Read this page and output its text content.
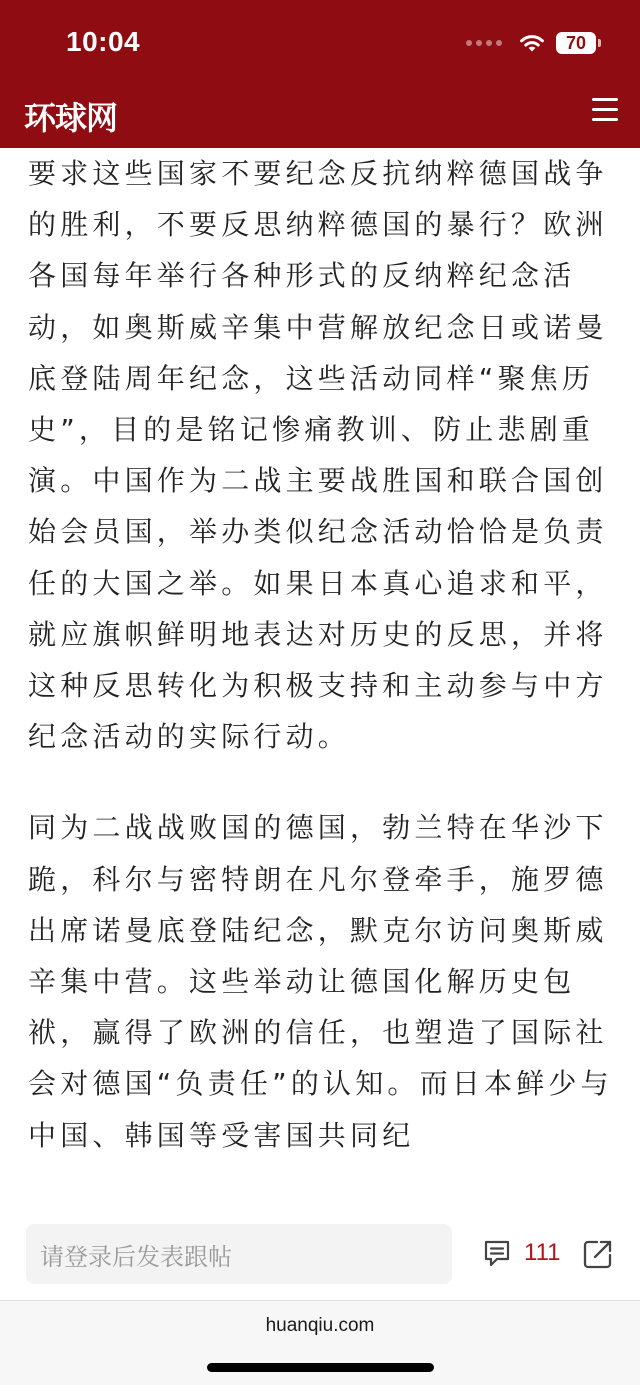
要求这些国家不要纪念反抗纳粹德国战争的胜利，不要反思纳粹德国的暴行？欧洲各国每年举行各种形式的反纳粹纪念活动，如奥斯威辛集中营解放纪念日或诺曼底登陆周年纪念，这些活动同样“聚焦历史”，目的是铭记惨痛教训、防止悲剧重演。中国作为二战主要战胜国和联合国创始会员国，举办类似纪念活动恰恰是负责任的大国之举。如果日本真心追求和平，就应旗帜鲜明地表达对历史的反思，并将这种反思转化为积极支持和主动参与中方纪念活动的实际行动。

同为二战战败国的德国，勃兰特在华沙下跪，科尔与密特朗在凡尔登牵手，施罗德出席诺曼底登陆纪念，默克尔访问奥斯威辛集中营。这些举动让德国化解历史包袱，赢得了欧洲的信任，也塑造了国际社会对德国“负责任”的认知。而日本鲜少与中国、韩国等受害国共同纪

10:04	70
环球网
请登录后发表跟帖	111
huanqiu.com
